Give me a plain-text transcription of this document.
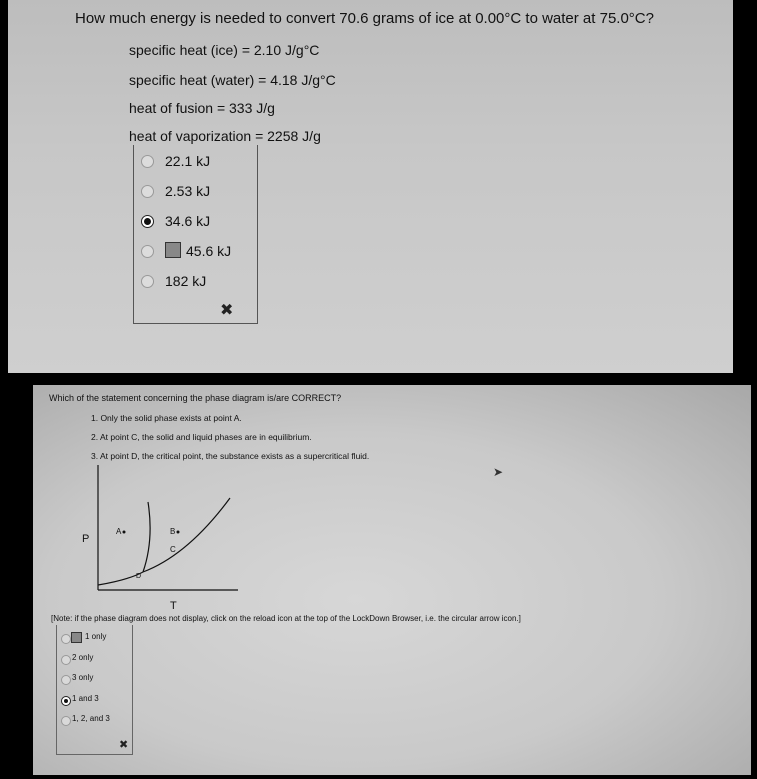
How much energy is needed to convert 70.6 grams of ice at 0.00°C to water at 75.0°C?
specific heat (ice) = 2.10 J/g°C
specific heat (water) = 4.18 J/g°C
heat of fusion = 333 J/g
heat of vaporization = 2258 J/g
22.1 kJ
2.53 kJ
34.6 kJ
45.6 kJ
182 kJ
✖
Which of the statement concerning the phase diagram is/are CORRECT?
1. Only the solid phase exists at point A.
2. At point C, the solid and liquid phases are in equilibrium.
3. At point D, the critical point, the substance exists as a supercritical fluid.
➤
P
T
A	B
C
D
[Note: if the phase diagram does not display, click on the reload icon at the top of the LockDown Browser, i.e. the circular arrow icon.]
1 only
2 only
3 only
1 and 3
1, 2, and 3
✖
